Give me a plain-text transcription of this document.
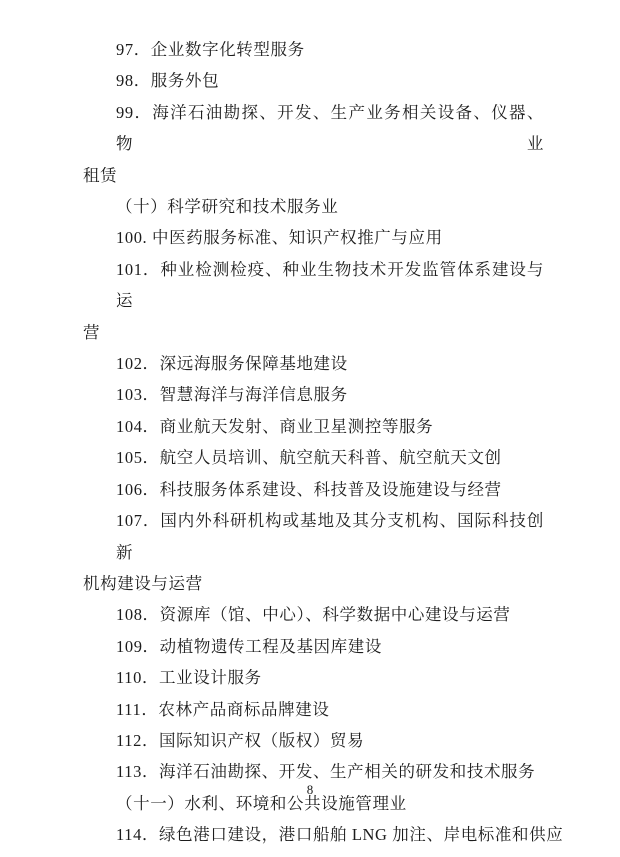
97．企业数字化转型服务

98．服务外包

99．海洋石油勘探、开发、生产业务相关设备、仪器、物业

租赁

（十）科学研究和技术服务业

100. 中医药服务标准、知识产权推广与应用

101．种业检测检疫、种业生物技术开发监管体系建设与运

营

102．深远海服务保障基地建设

103．智慧海洋与海洋信息服务

104．商业航天发射、商业卫星测控等服务

105．航空人员培训、航空航天科普、航空航天文创

106．科技服务体系建设、科技普及设施建设与经营

107．国内外科研机构或基地及其分支机构、国际科技创新

机构建设与运营

108．资源库（馆、中心）、科学数据中心建设与运营

109．动植物遗传工程及基因库建设

110．工业设计服务

111．农林产品商标品牌建设

112．国际知识产权（版权）贸易

113．海洋石油勘探、开发、生产相关的研发和技术服务

（十一）水利、环境和公共设施管理业

114．绿色港口建设，港口船舶 LNG 加注、岸电标准和供应

8
